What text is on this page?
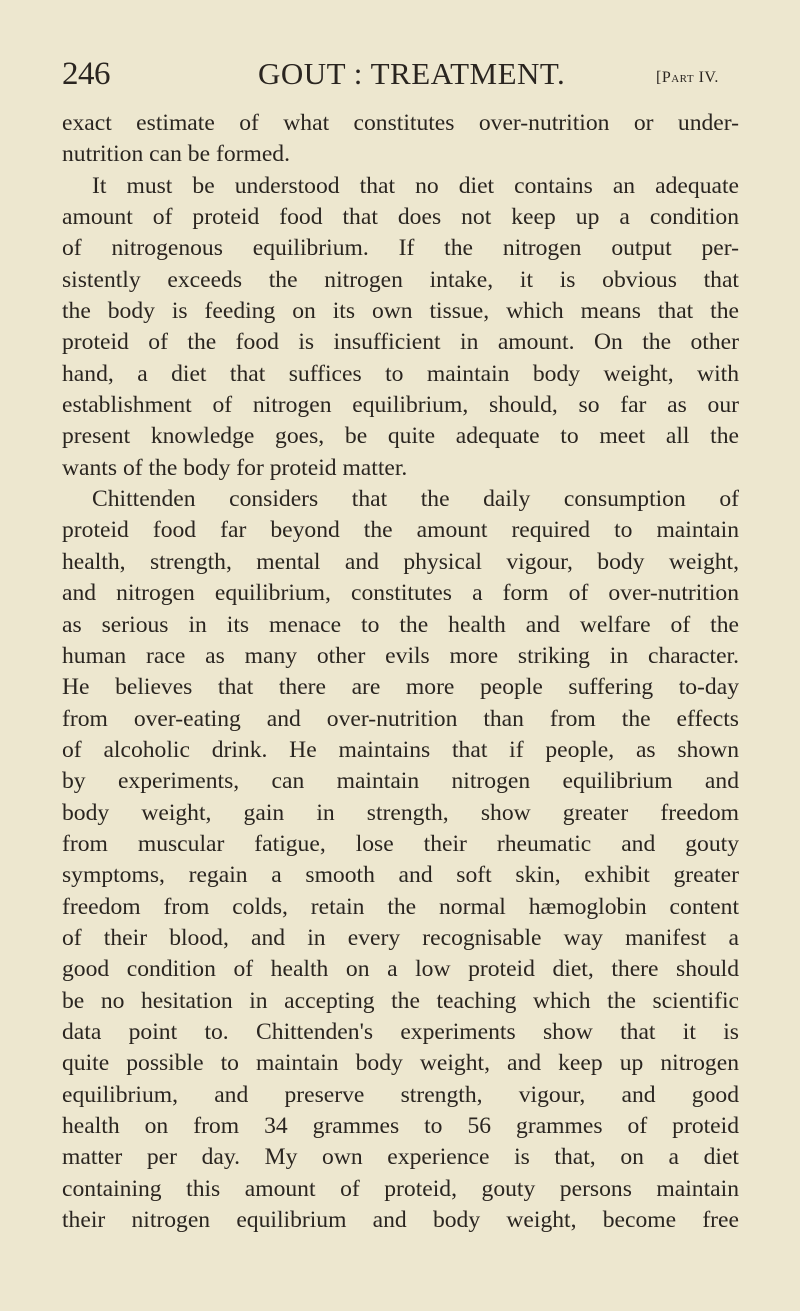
246	GOUT : TREATMENT.	[Part IV.
exact estimate of what constitutes over-nutrition or under-
nutrition can be formed.
It must be understood that no diet contains an adequate
amount of proteid food that does not keep up a condition
of nitrogenous equilibrium. If the nitrogen output per-
sistently exceeds the nitrogen intake, it is obvious that
the body is feeding on its own tissue, which means that the
proteid of the food is insufficient in amount. On the other
hand, a diet that suffices to maintain body weight, with
establishment of nitrogen equilibrium, should, so far as our
present knowledge goes, be quite adequate to meet all the
wants of the body for proteid matter.
Chittenden considers that the daily consumption of
proteid food far beyond the amount required to maintain
health, strength, mental and physical vigour, body weight,
and nitrogen equilibrium, constitutes a form of over-nutrition
as serious in its menace to the health and welfare of the
human race as many other evils more striking in character.
He believes that there are more people suffering to-day
from over-eating and over-nutrition than from the effects
of alcoholic drink. He maintains that if people, as shown
by experiments, can maintain nitrogen equilibrium and
body weight, gain in strength, show greater freedom
from muscular fatigue, lose their rheumatic and gouty
symptoms, regain a smooth and soft skin, exhibit greater
freedom from colds, retain the normal hæmoglobin content
of their blood, and in every recognisable way manifest a
good condition of health on a low proteid diet, there should
be no hesitation in accepting the teaching which the scientific
data point to. Chittenden's experiments show that it is
quite possible to maintain body weight, and keep up nitrogen
equilibrium, and preserve strength, vigour, and good
health on from 34 grammes to 56 grammes of proteid
matter per day. My own experience is that, on a diet
containing this amount of proteid, gouty persons maintain
their nitrogen equilibrium and body weight, become free
